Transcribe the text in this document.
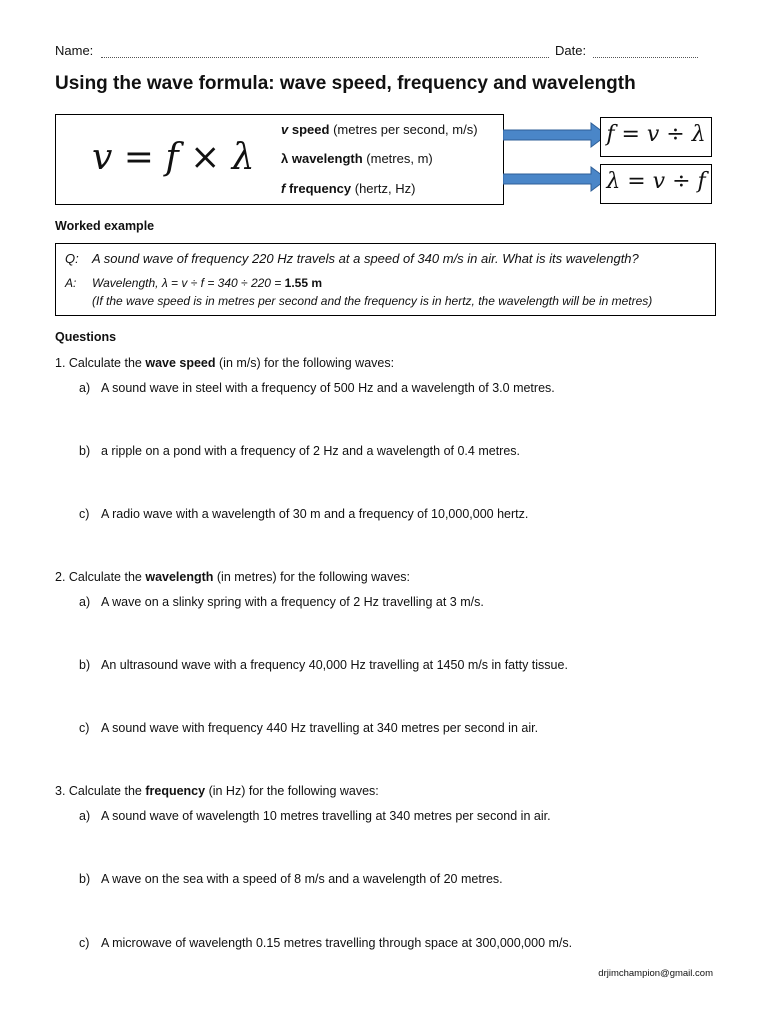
Name:	Date:
Using the wave formula: wave speed, frequency and wavelength
v = f × λ
v speed (metres per second, m/s)
λ wavelength (metres, m)
f frequency (hertz, Hz)
f = v ÷ λ
λ = v ÷ f
Worked example
Q: A sound wave of frequency 220 Hz travels at a speed of 340 m/s in air. What is its wavelength?
A: Wavelength, λ = v ÷ f = 340 ÷ 220 = 1.55 m
(If the wave speed is in metres per second and the frequency is in hertz, the wavelength will be in metres)
Questions
1. Calculate the wave speed (in m/s) for the following waves:
a) A sound wave in steel with a frequency of 500 Hz and a wavelength of 3.0 metres.
b) a ripple on a pond with a frequency of 2 Hz and a wavelength of 0.4 metres.
c) A radio wave with a wavelength of 30 m and a frequency of 10,000,000 hertz.
2. Calculate the wavelength (in metres) for the following waves:
a) A wave on a slinky spring with a frequency of 2 Hz travelling at 3 m/s.
b) An ultrasound wave with a frequency 40,000 Hz travelling at 1450 m/s in fatty tissue.
c) A sound wave with frequency 440 Hz travelling at 340 metres per second in air.
3. Calculate the frequency (in Hz) for the following waves:
a) A sound wave of wavelength 10 metres travelling at 340 metres per second in air.
b) A wave on the sea with a speed of 8 m/s and a wavelength of 20 metres.
c) A microwave of wavelength 0.15 metres travelling through space at 300,000,000 m/s.
drjimchampion@gmail.com
